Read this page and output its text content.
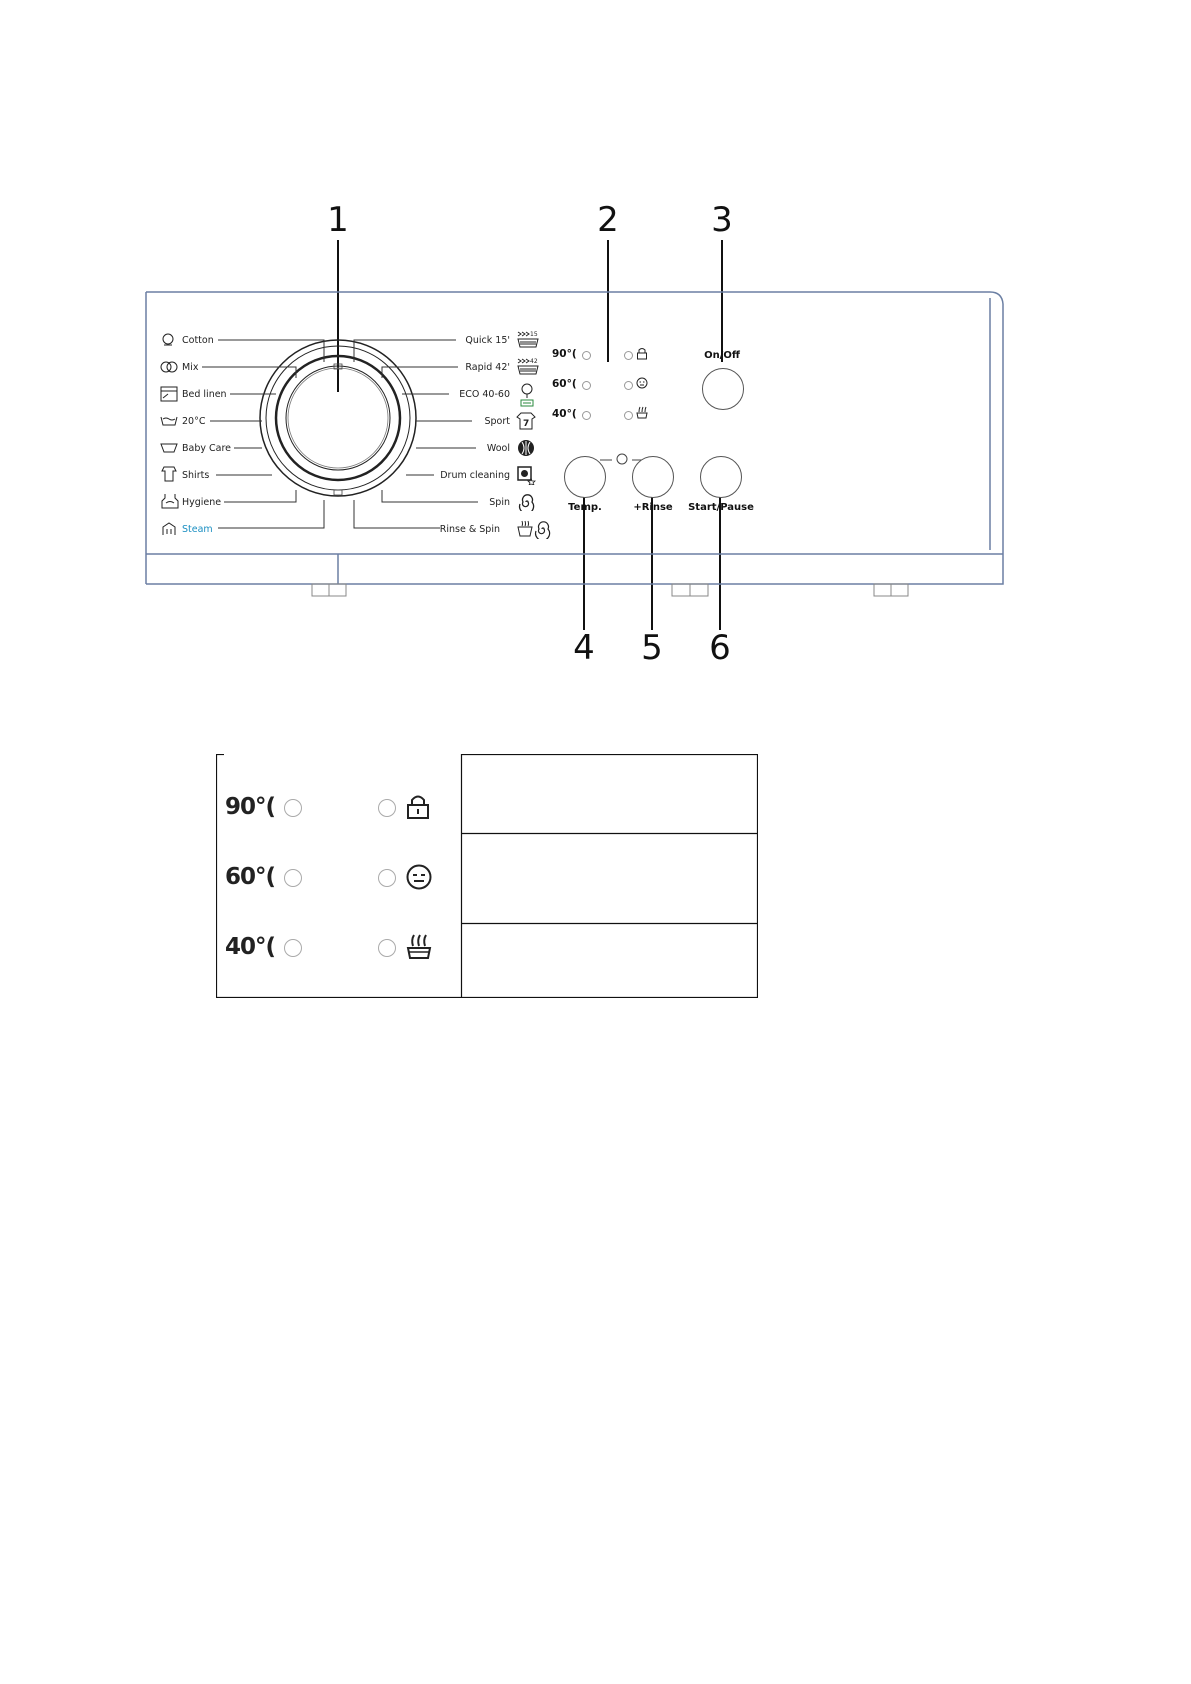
1	2	3
4 5 6
Cotton
Mix
Bed linen
20°C
Baby Care
Shirts
Hygiene
Steam
Quick 15'
15
Rapid 42'
42
ECO 40-60
Sport 7
Wool
Drum cleaning
Spin
Rinse & Spin
90°(
60°(
40°(
On/Off
Temp.	+Rinse	Start/Pause
90°(
60°(
40°(
